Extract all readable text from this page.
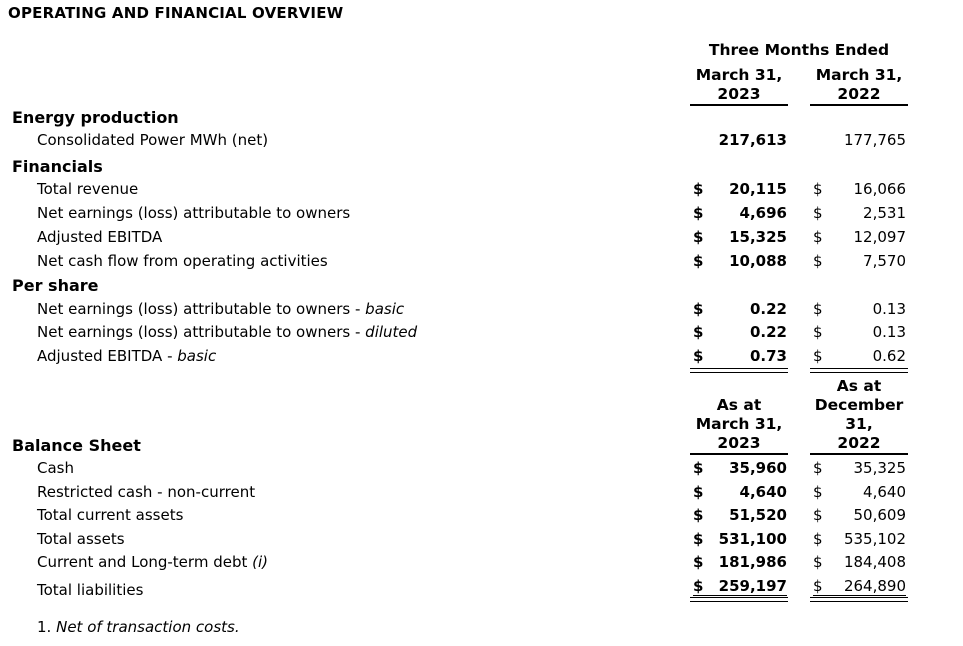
OPERATING AND FINANCIAL OVERVIEW
Three Months Ended
March 31,
2023
March 31,
2022
Energy production
Consolidated Power MWh (net)	217,613	177,765
Financials
Total revenue	$	20,115 $	16,066
Net earnings (loss) attributable to owners	$	4,696 $	2,531
Adjusted EBITDA	$	15,325 $	12,097
Net cash flow from operating activities	$	10,088 $	7,570
Per share
Net earnings (loss) attributable to owners - basic	$	0.22 $	0.13
Net earnings (loss) attributable to owners - diluted	$	0.22 $	0.13
Adjusted EBITDA - basic	$	0.73 $	0.62
As at
March 31,
2023
As at
December
31,
2022
Balance Sheet
Cash	$	35,960 $	35,325
Restricted cash - non-current	$	4,640 $	4,640
Total current assets	$	51,520 $	50,609
Total assets	$	531,100 $	535,102
Current and Long-term debt (i)	$	181,986 $	184,408
Total liabilities	$	259,197 $	264,890
1. Net of transaction costs.
